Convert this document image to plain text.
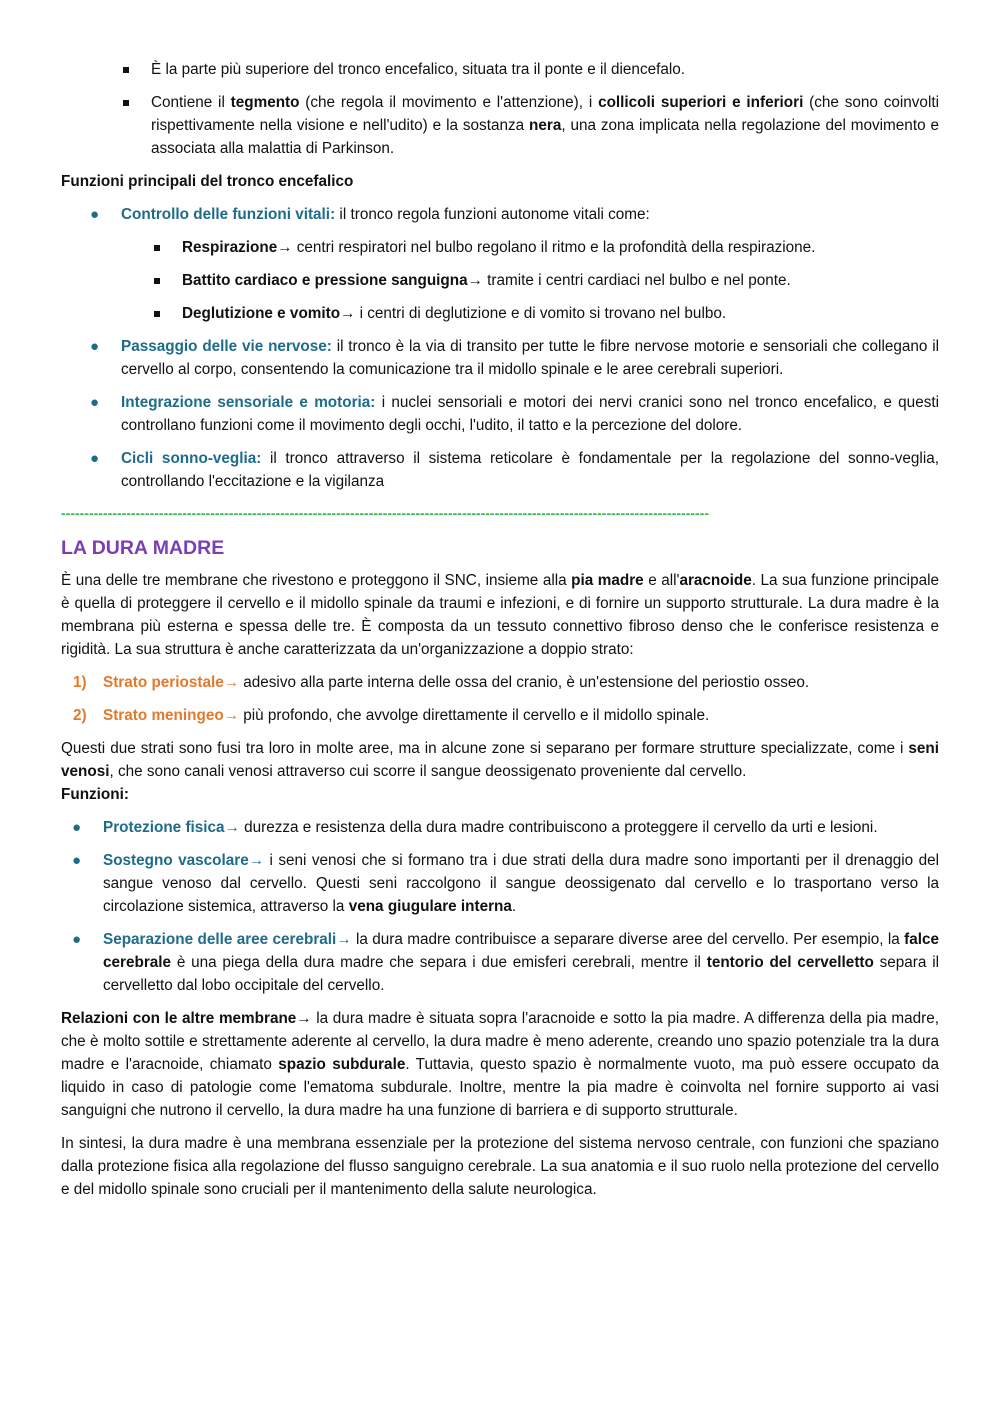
È la parte più superiore del tronco encefalico, situata tra il ponte e il diencefalo.
Contiene il tegmento (che regola il movimento e l'attenzione), i collicoli superiori e inferiori (che sono coinvolti rispettivamente nella visione e nell'udito) e la sostanza nera, una zona implicata nella regolazione del movimento e associata alla malattia di Parkinson.

Funzioni principali del tronco encefalico

● Controllo delle funzioni vitali: il tronco regola funzioni autonome vitali come:
Respirazione→ centri respiratori nel bulbo regolano il ritmo e la profondità della respirazione.
Battito cardiaco e pressione sanguigna→ tramite i centri cardiaci nel bulbo e nel ponte.
Deglutizione e vomito→ i centri di deglutizione e di vomito si trovano nel bulbo.
● Passaggio delle vie nervose: il tronco è la via di transito per tutte le fibre nervose motorie e sensoriali che collegano il cervello al corpo, consentendo la comunicazione tra il midollo spinale e le aree cerebrali superiori.
● Integrazione sensoriale e motoria: i nuclei sensoriali e motori dei nervi cranici sono nel tronco encefalico, e questi controllano funzioni come il movimento degli occhi, l'udito, il tatto e la percezione del dolore.
● Cicli sonno-veglia: il tronco attraverso il sistema reticolare è fondamentale per la regolazione del sonno-veglia, controllando l'eccitazione e la vigilanza
-------------------------------------------------------------------------------------------------------------------------------------------
LA DURA MADRE

È una delle tre membrane che rivestono e proteggono il SNC, insieme alla pia madre e all'aracnoide. La sua funzione principale è quella di proteggere il cervello e il midollo spinale da traumi e infezioni, e di fornire un supporto strutturale. La dura madre è la membrana più esterna e spessa delle tre. È composta da un tessuto connettivo fibroso denso che le conferisce resistenza e rigidità. La sua struttura è anche caratterizzata da un'organizzazione a doppio strato:

1) Strato periostale→ adesivo alla parte interna delle ossa del cranio, è un'estensione del periostio osseo.
2) Strato meningeo→ più profondo, che avvolge direttamente il cervello e il midollo spinale.

Questi due strati sono fusi tra loro in molte aree, ma in alcune zone si separano per formare strutture specializzate, come i seni venosi, che sono canali venosi attraverso cui scorre il sangue deossigenato proveniente dal cervello.

Funzioni:

● Protezione fisica→ durezza e resistenza della dura madre contribuiscono a proteggere il cervello da urti e lesioni.
● Sostegno vascolare→ i seni venosi che si formano tra i due strati della dura madre sono importanti per il drenaggio del sangue venoso dal cervello. Questi seni raccolgono il sangue deossigenato dal cervello e lo trasportano verso la circolazione sistemica, attraverso la vena giugulare interna.
● Separazione delle aree cerebrali→ la dura madre contribuisce a separare diverse aree del cervello. Per esempio, la falce cerebrale è una piega della dura madre che separa i due emisferi cerebrali, mentre il tentorio del cervelletto separa il cervelletto dal lobo occipitale del cervello.

Relazioni con le altre membrane→ la dura madre è situata sopra l'aracnoide e sotto la pia madre. A differenza della pia madre, che è molto sottile e strettamente aderente al cervello, la dura madre è meno aderente, creando uno spazio potenziale tra la dura madre e l'aracnoide, chiamato spazio subdurale. Tuttavia, questo spazio è normalmente vuoto, ma può essere occupato da liquido in caso di patologie come l'ematoma subdurale. Inoltre, mentre la pia madre è coinvolta nel fornire supporto ai vasi sanguigni che nutrono il cervello, la dura madre ha una funzione di barriera e di supporto strutturale.

In sintesi, la dura madre è una membrana essenziale per la protezione del sistema nervoso centrale, con funzioni che spaziano dalla protezione fisica alla regolazione del flusso sanguigno cerebrale. La sua anatomia e il suo ruolo nella protezione del cervello e del midollo spinale sono cruciali per il mantenimento della salute neurologica.
